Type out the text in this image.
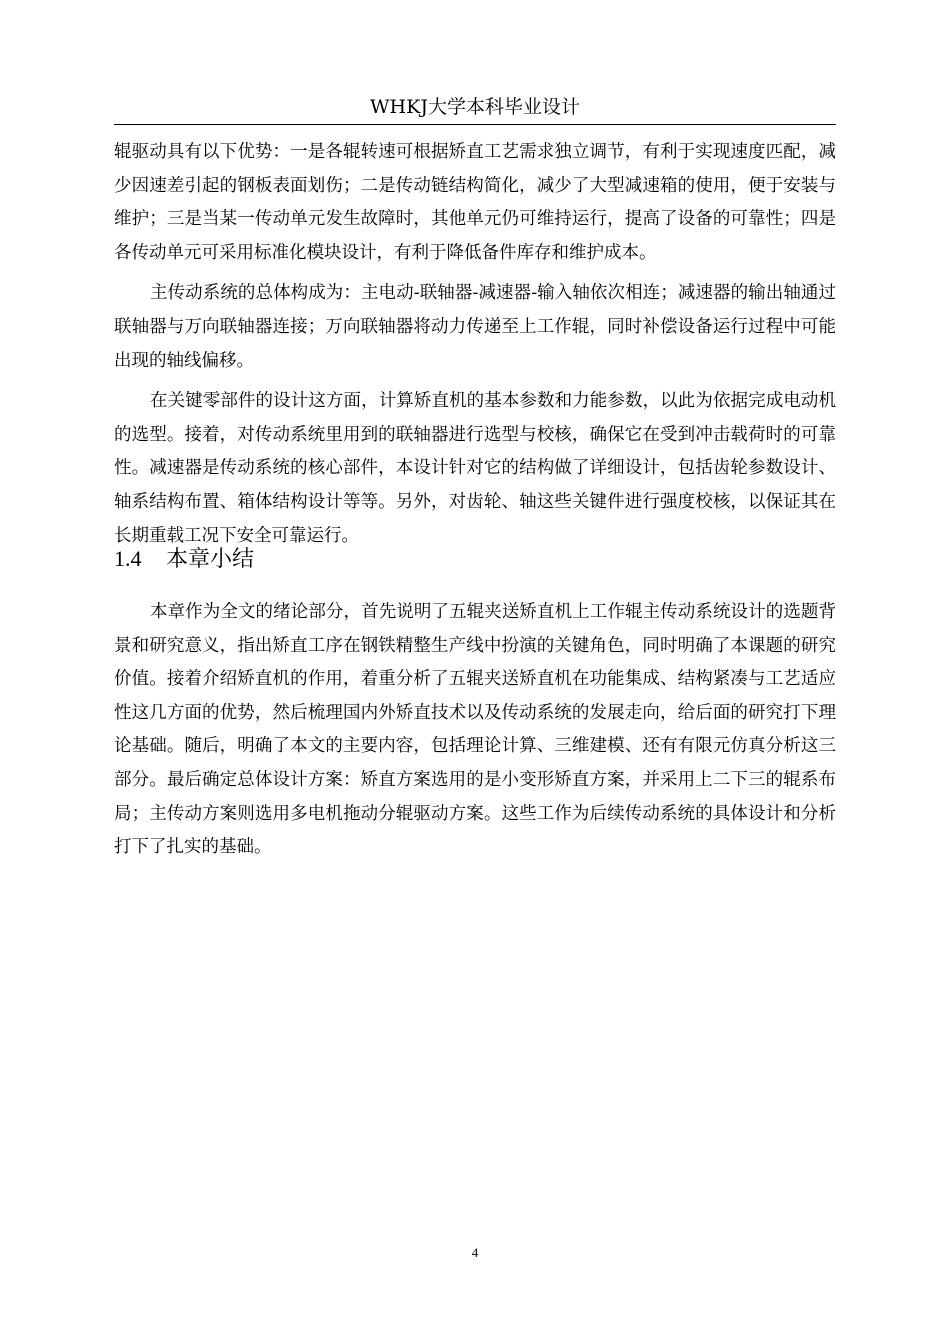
WHKJ大学本科毕业设计

辊驱动具有以下优势：一是各辊转速可根据矫直工艺需求独立调节，有利于实现速度匹配，减少因速差引起的钢板表面划伤；二是传动链结构简化，减少了大型减速箱的使用，便于安装与维护；三是当某一传动单元发生故障时，其他单元仍可维持运行，提高了设备的可靠性；四是各传动单元可采用标准化模块设计，有利于降低备件库存和维护成本。

主传动系统的总体构成为：主电动-联轴器-减速器-输入轴依次相连；减速器的输出轴通过联轴器与万向联轴器连接；万向联轴器将动力传递至上工作辊，同时补偿设备运行过程中可能出现的轴线偏移。

在关键零部件的设计这方面，计算矫直机的基本参数和力能参数，以此为依据完成电动机的选型。接着，对传动系统里用到的联轴器进行选型与校核，确保它在受到冲击载荷时的可靠性。减速器是传动系统的核心部件，本设计针对它的结构做了详细设计，包括齿轮参数设计、轴系结构布置、箱体结构设计等等。另外，对齿轮、轴这些关键件进行强度校核，以保证其在长期重载工况下安全可靠运行。

1.4 本章小结

本章作为全文的绪论部分，首先说明了五辊夹送矫直机上工作辊主传动系统设计的选题背景和研究意义，指出矫直工序在钢铁精整生产线中扮演的关键角色，同时明确了本课题的研究价值。接着介绍矫直机的作用，着重分析了五辊夹送矫直机在功能集成、结构紧凑与工艺适应性这几方面的优势，然后梳理国内外矫直技术以及传动系统的发展走向，给后面的研究打下理论基础。随后，明确了本文的主要内容，包括理论计算、三维建模、还有有限元仿真分析这三部分。最后确定总体设计方案：矫直方案选用的是小变形矫直方案，并采用上二下三的辊系布局；主传动方案则选用多电机拖动分辊驱动方案。这些工作为后续传动系统的具体设计和分析打下了扎实的基础。

4
